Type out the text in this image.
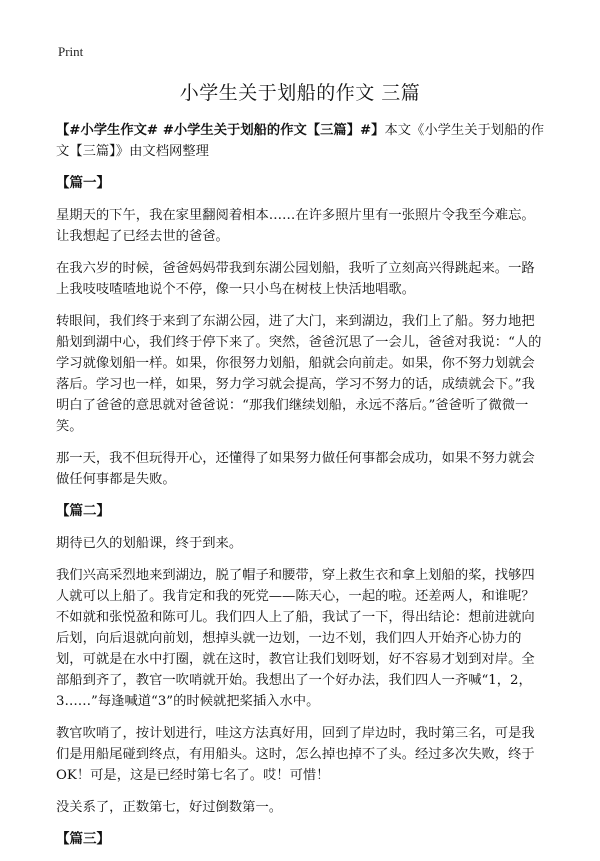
Print
小学生关于划船的作文 三篇

【#小学生作文# #小学生关于划船的作文【三篇】#】本文《小学生关于划船的作文【三篇】》由文档网整理

【篇一】

星期天的下午，我在家里翻阅着相本……在许多照片里有一张照片令我至今难忘。让我想起了已经去世的爸爸。

在我六岁的时候，爸爸妈妈带我到东湖公园划船，我听了立刻高兴得跳起来。一路上我吱吱喳喳地说个不停，像一只小鸟在树枝上快活地唱歌。

转眼间，我们终于来到了东湖公园，进了大门，来到湖边，我们上了船。努力地把船划到湖中心，我们终于停下来了。突然，爸爸沉思了一会儿，爸爸对我说：“人的学习就像划船一样。如果，你很努力划船，船就会向前走。如果，你不努力划就会落后。学习也一样，如果，努力学习就会提高，学习不努力的话，成绩就会下。”我明白了爸爸的意思就对爸爸说：“那我们继续划船，永远不落后。”爸爸听了微微一笑。

那一天，我不但玩得开心，还懂得了如果努力做任何事都会成功，如果不努力就会做任何事都是失败。

【篇二】

期待已久的划船课，终于到来。

我们兴高采烈地来到湖边，脱了帽子和腰带，穿上救生衣和拿上划船的桨，找够四人就可以上船了。我肯定和我的死党——陈天心，一起的啦。还差两人，和谁呢？不如就和张悦盈和陈可儿。我们四人上了船，我试了一下，得出结论：想前进就向后划，向后退就向前划，想掉头就一边划，一边不划，我们四人开始齐心协力的划，可就是在水中打圈，就在这时，教官让我们划呀划，好不容易才划到对岸。全部船到齐了，教官一吹哨就开始。我想出了一个好办法，我们四人一齐喊“1，2，3……”每逢喊道“3”的时候就把桨插入水中。

教官吹哨了，按计划进行，哇这方法真好用，回到了岸边时，我时第三名，可是我们是用船尾碰到终点，有用船头。这时，怎么掉也掉不了头。经过多次失败，终于OK！可是，这是已经时第七名了。哎！可惜！

没关系了，正数第七，好过倒数第一。

【篇三】
